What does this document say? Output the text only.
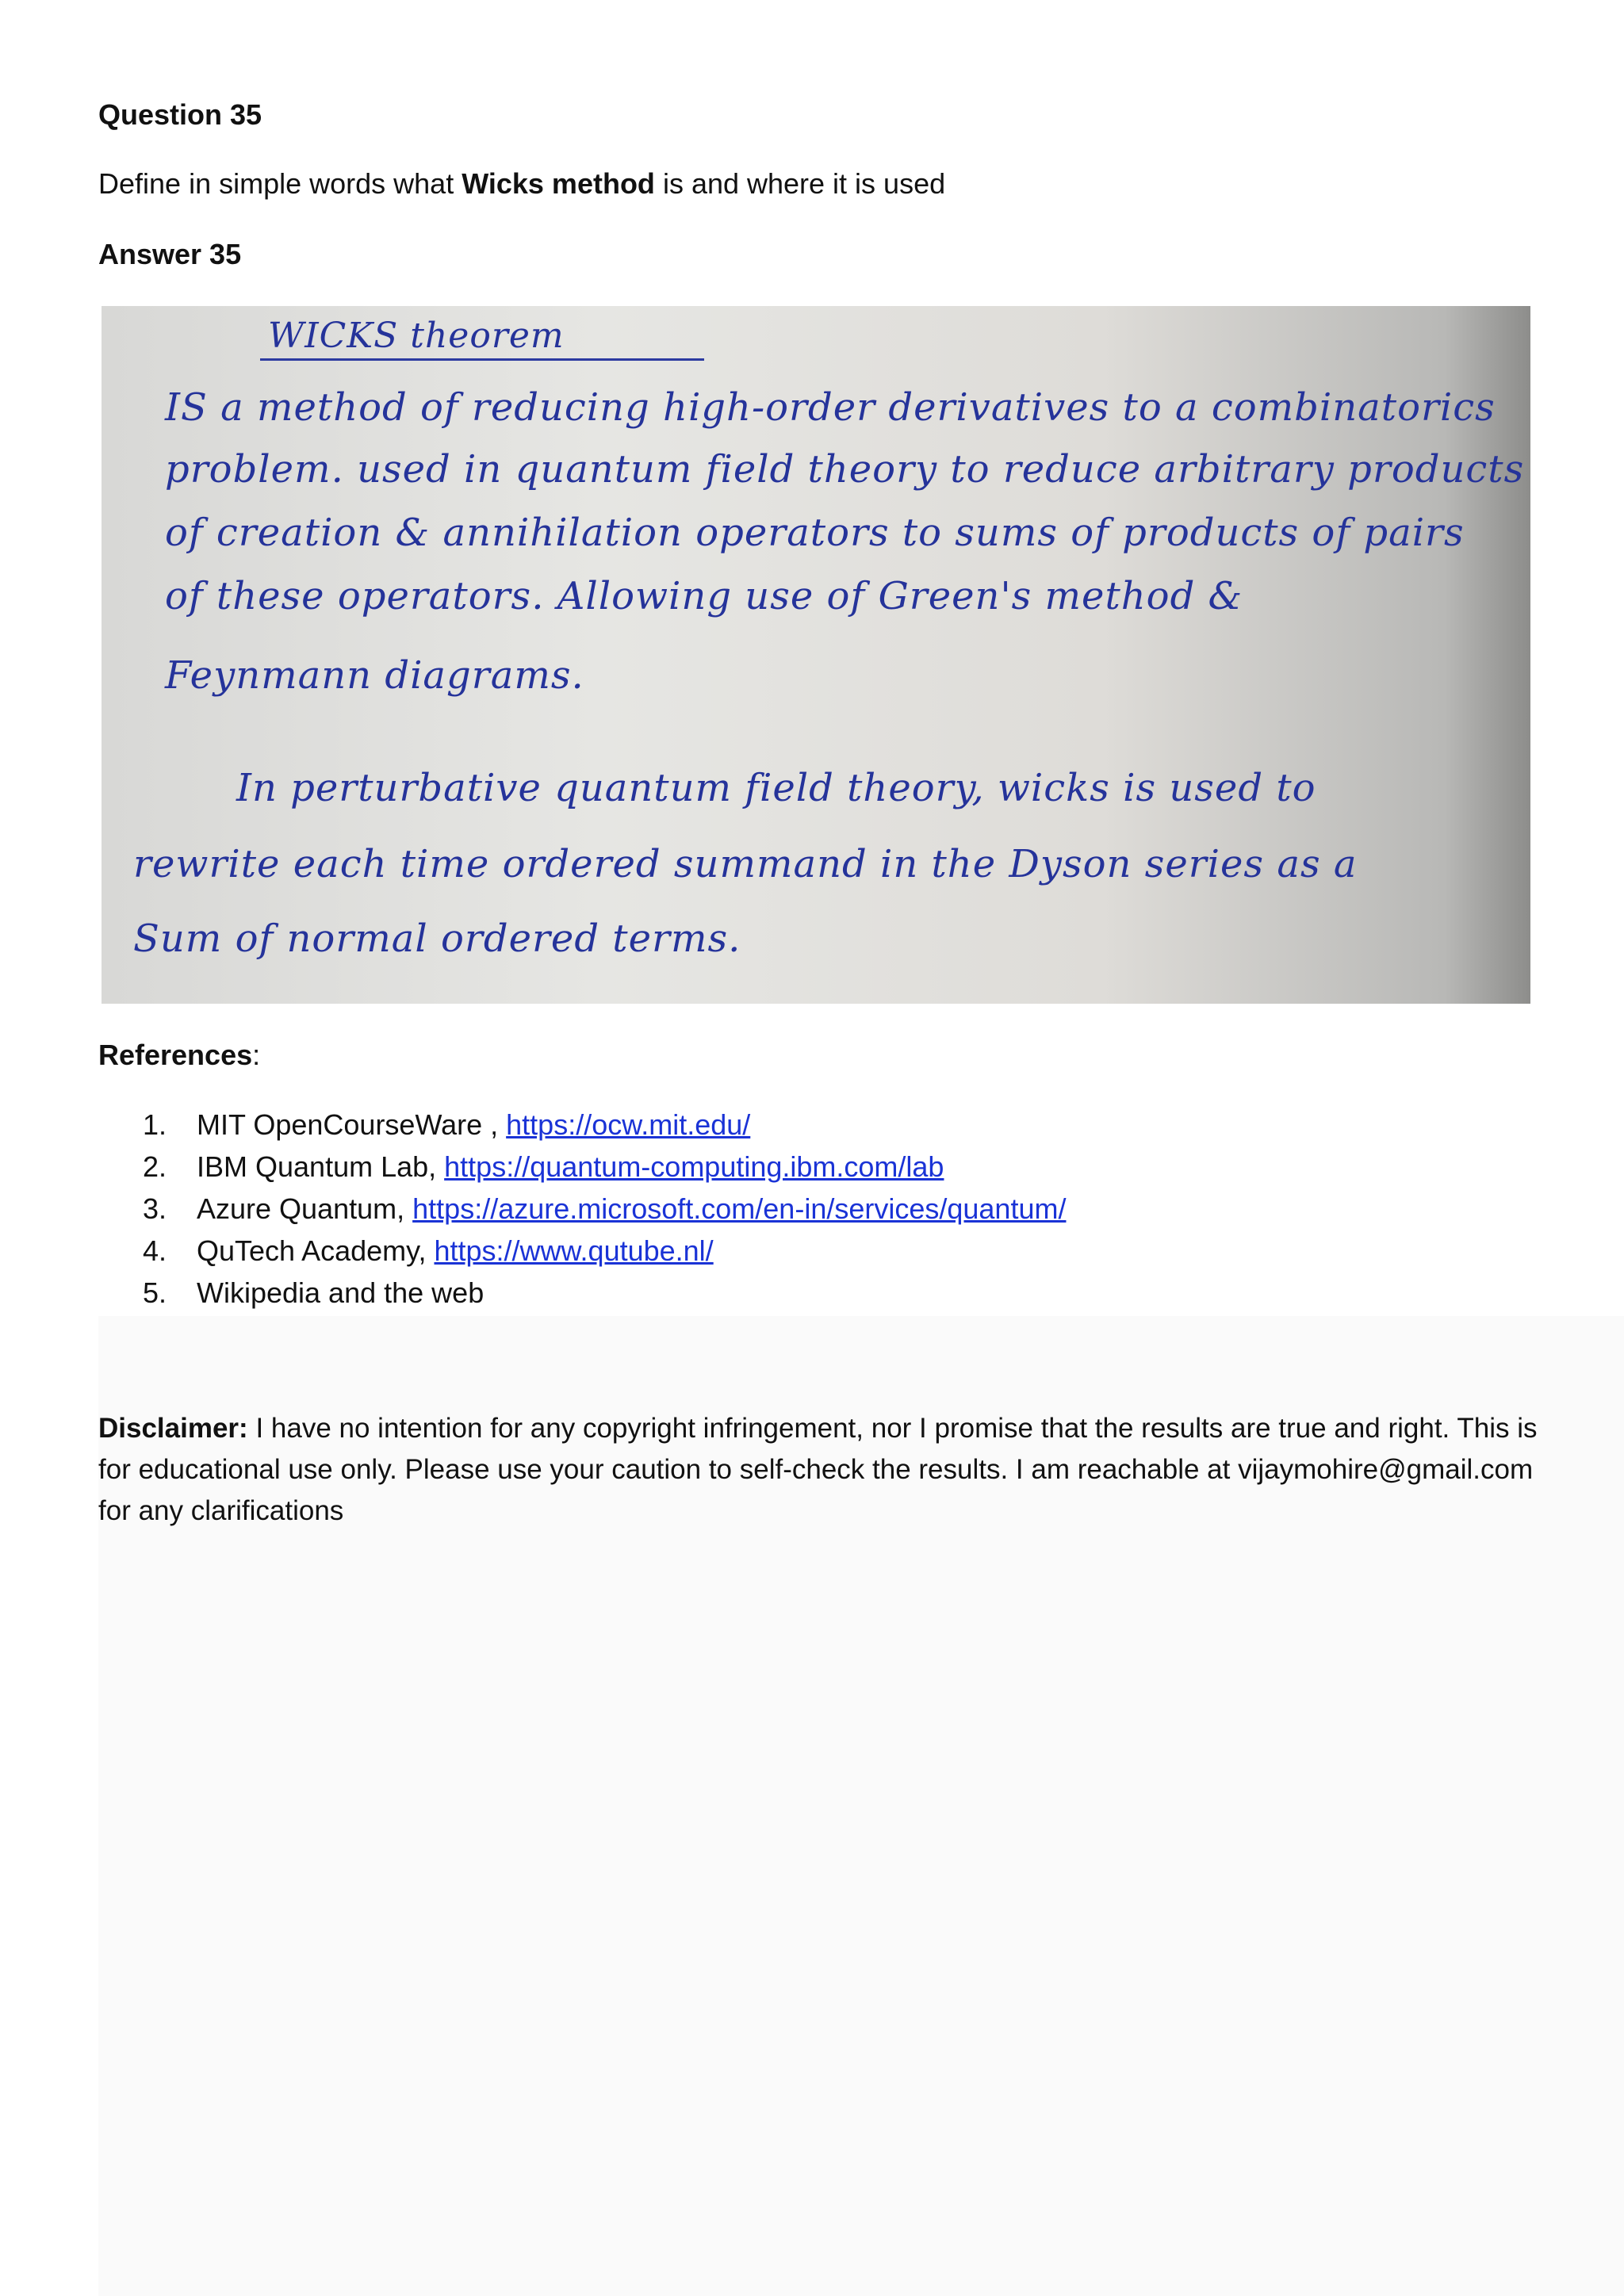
Question 35
Define in simple words what Wicks method is and where it is used
Answer 35
WICKS theorem
IS a method of reducing high-order derivatives to a combinatorics
problem. used in quantum field theory to reduce arbitrary products
of creation & annihilation operators to sums of products of pairs
of these operators. Allowing use of Green's method &
Feynmann diagrams.
In perturbative quantum field theory, wicks is used to
rewrite each time ordered summand in the Dyson series as a
Sum of normal ordered terms.
References:
1. MIT OpenCourseWare , https://ocw.mit.edu/
2. IBM Quantum Lab, https://quantum-computing.ibm.com/lab
3. Azure Quantum, https://azure.microsoft.com/en-in/services/quantum/
4. QuTech Academy, https://www.qutube.nl/
5. Wikipedia and the web
Disclaimer: I have no intention for any copyright infringement, nor I promise that the results are true and right. This is for educational use only. Please use your caution to self-check the results. I am reachable at vijaymohire@gmail.com for any clarifications
